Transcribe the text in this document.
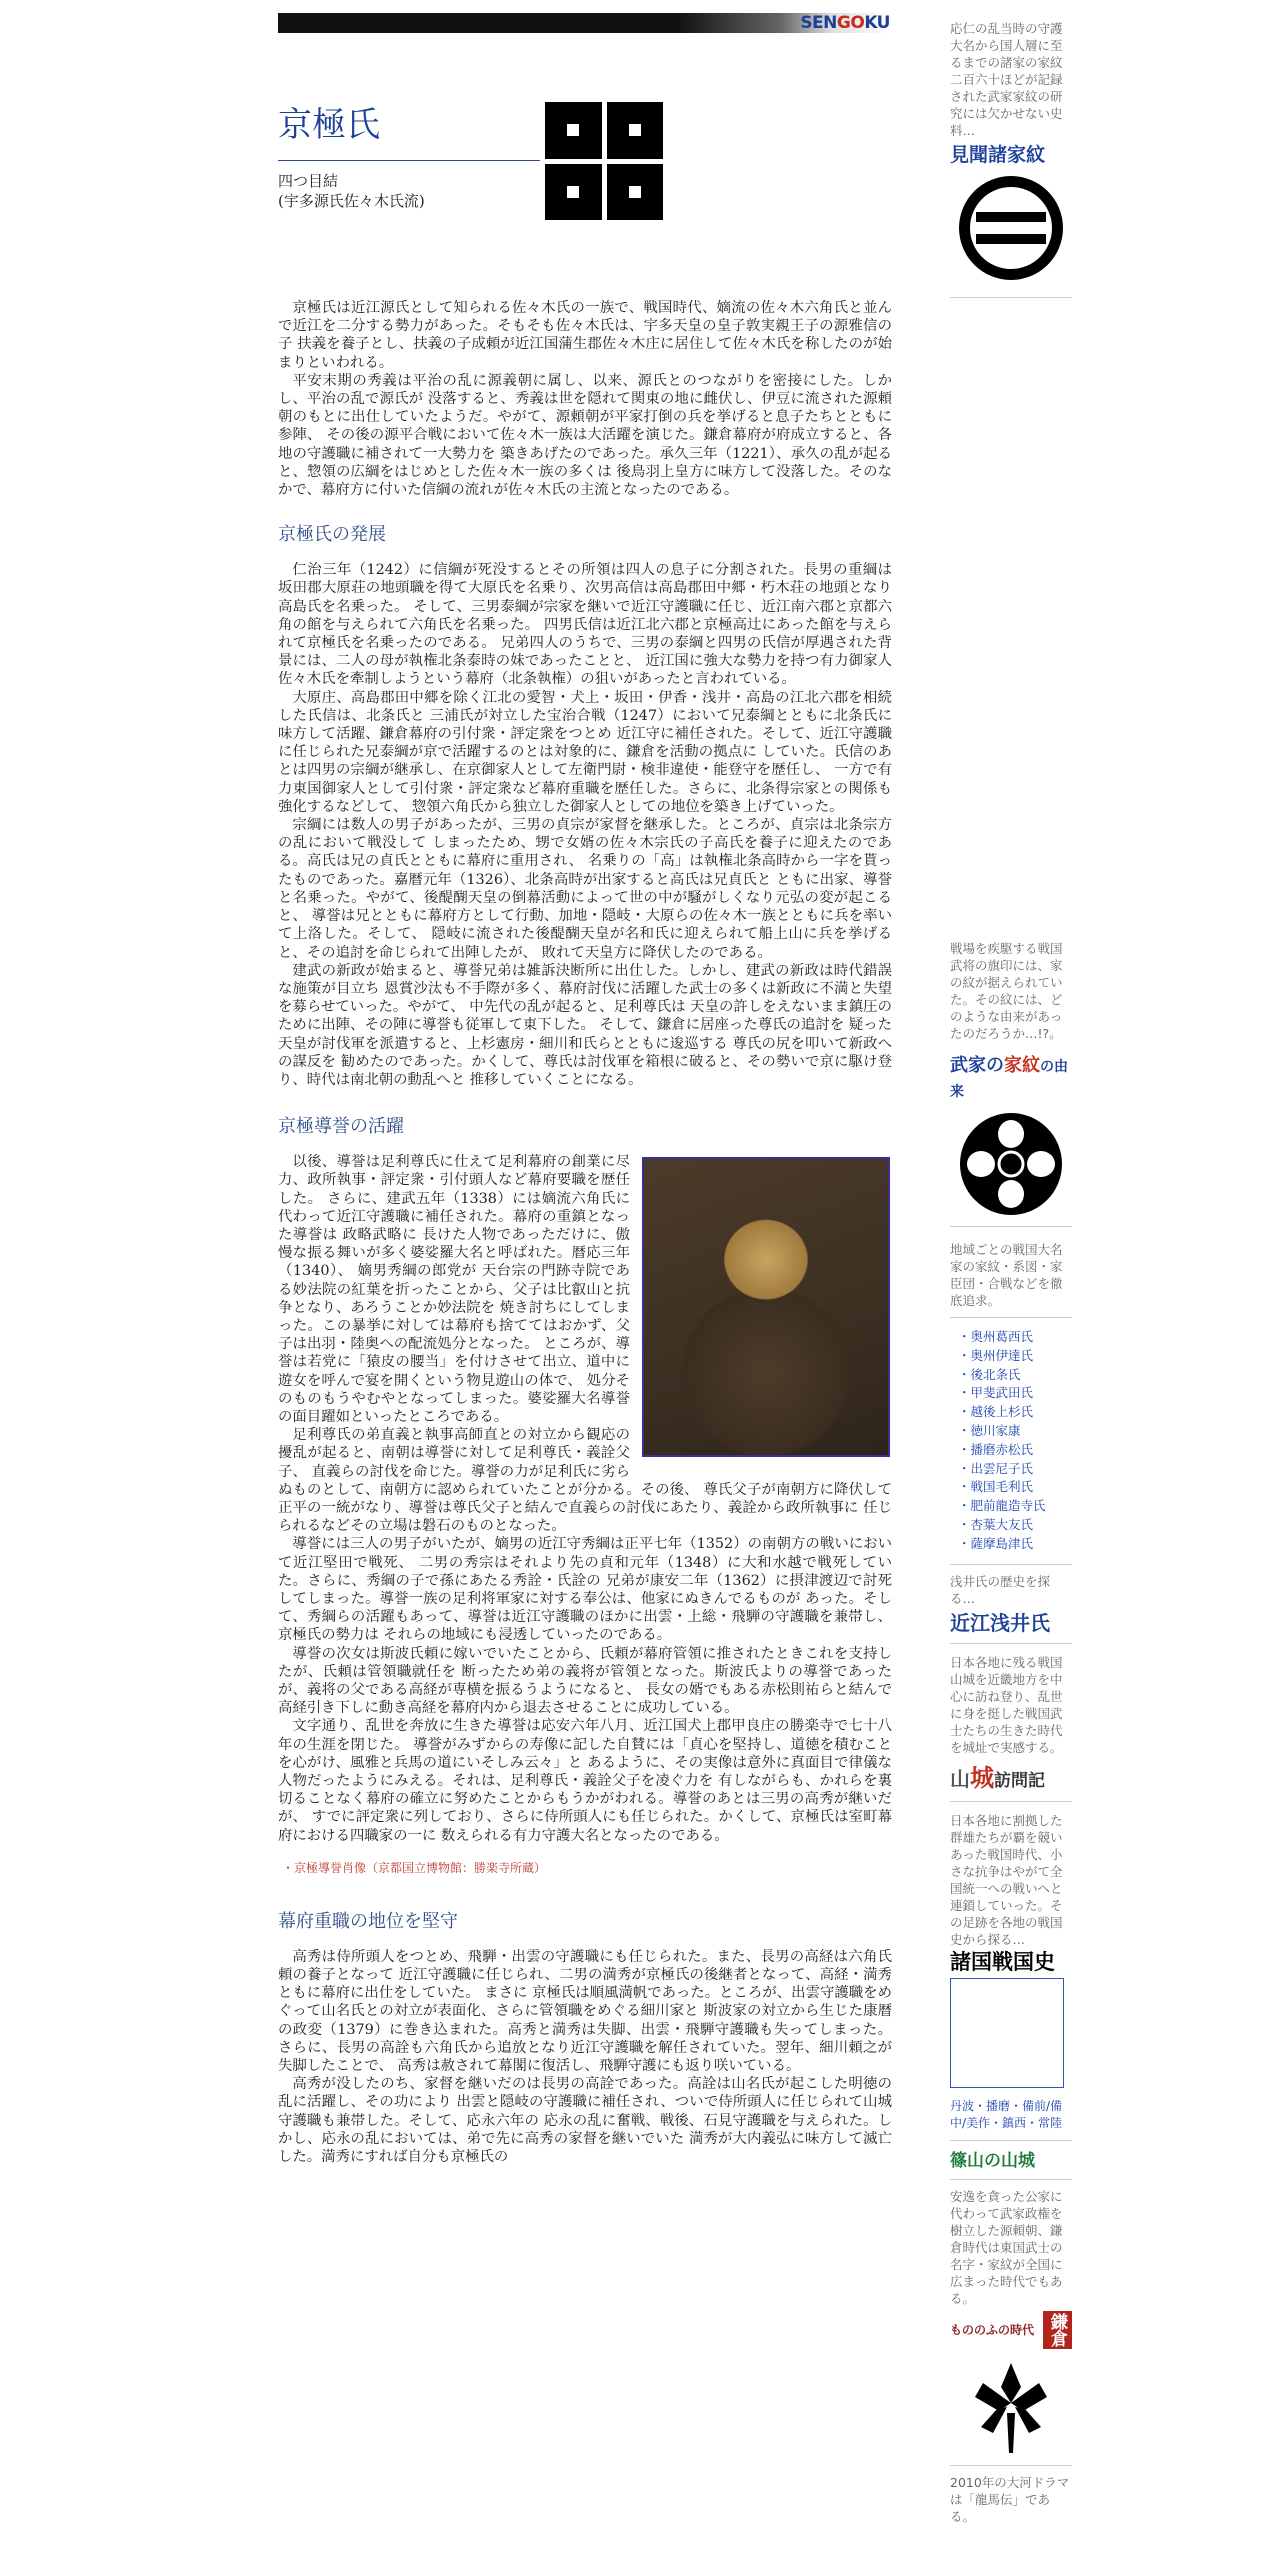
SENGOKU
京極氏
四つ目結
(宇多源氏佐々木氏流)

京極氏は近江源氏として知られる佐々木氏の一族で、戦国時代、嫡流の佐々木六角氏と並んで近江を二分する勢力があった。そもそも佐々木氏は、宇多天皇の皇子敦実親王子の源雅信の子 扶義を養子とし、扶義の子成頼が近江国蒲生郡佐々木庄に居住して佐々木氏を称したのが始まりといわれる。

平安末期の秀義は平治の乱に源義朝に属し、以来、源氏とのつながりを密接にした。しかし、平治の乱で源氏が 没落すると、秀義は世を隠れて関東の地に雌伏し、伊豆に流された源頼朝のもとに出仕していたようだ。やがて、源頼朝が平家打倒の兵を挙げると息子たちとともに参陣、 その後の源平合戦において佐々木一族は大活躍を演じた。鎌倉幕府が府成立すると、各地の守護職に補されて一大勢力を 築きあげたのであった。承久三年（1221）、承久の乱が起ると、惣領の広綱をはじめとした佐々木一族の多くは 後鳥羽上皇方に味方して没落した。そのなかで、幕府方に付いた信綱の流れが佐々木氏の主流となったのである。

京極氏の発展

仁治三年（1242）に信綱が死没するとその所領は四人の息子に分割された。長男の重綱は 坂田郡大原荘の地頭職を得て大原氏を名乗り、次男高信は高島郡田中郷・朽木荘の地頭となり高島氏を名乗った。 そして、三男泰綱が宗家を継いで近江守護職に任じ、近江南六郡と京都六角の館を与えられて六角氏を名乗った。 四男氏信は近江北六郡と京極高辻にあった館を与えられて京極氏を名乗ったのである。 兄弟四人のうちで、三男の泰綱と四男の氏信が厚遇された背景には、二人の母が執権北条泰時の妹であったことと、 近江国に強大な勢力を持つ有力御家人佐々木氏を牽制しようという幕府（北条執権）の狙いがあったと言われている。

大原庄、高島郡田中郷を除く江北の愛智・犬上・坂田・伊香・浅井・高島の江北六郡を相続した氏信は、北条氏と 三浦氏が対立した宝治合戦（1247）において兄泰綱とともに北条氏に味方して活躍、鎌倉幕府の引付衆・評定衆をつとめ 近江守に補任された。そして、近江守護職に任じられた兄泰綱が京で活躍するのとは対象的に、鎌倉を活動の拠点に していた。氏信のあとは四男の宗綱が継承し、在京御家人として左衛門尉・検非違使・能登守を歴任し、 一方で有力東国御家人として引付衆・評定衆など幕府重職を歴任した。さらに、北条得宗家との関係も強化するなどして、 惣領六角氏から独立した御家人としての地位を築き上げていった。

宗綱には数人の男子があったが、三男の貞宗が家督を継承した。ところが、貞宗は北条宗方の乱において戦没して しまったため、甥で女婿の佐々木宗氏の子高氏を養子に迎えたのである。高氏は兄の貞氏とともに幕府に重用され、 名乗りの「高」は執権北条高時から一字を貰ったものであった。嘉暦元年（1326）、北条高時が出家すると高氏は兄貞氏と ともに出家、導誉と名乗った。やがて、後醍醐天皇の倒幕活動によって世の中が騒がしくなり元弘の変が起こると、 導誉は兄とともに幕府方として行動、加地・隠岐・大原らの佐々木一族とともに兵を率いて上洛した。そして、 隠岐に流された後醍醐天皇が名和氏に迎えられて船上山に兵を挙げると、その追討を命じられて出陣したが、 敗れて天皇方に降伏したのである。

建武の新政が始まると、導誉兄弟は雑訴決断所に出仕した。しかし、建武の新政は時代錯誤な施策が目立ち 恩賞沙汰も不手際が多く、幕府討伐に活躍した武士の多くは新政に不満と失望を募らせていった。やがて、 中先代の乱が起ると、足利尊氏は 天皇の許しをえないまま鎮圧のために出陣、その陣に導誉も従軍して東下した。 そして、鎌倉に居座った尊氏の追討を 疑った天皇が討伐軍を派遣すると、上杉憲房・細川和氏らとともに逡巡する 尊氏の尻を叩いて新政への謀反を 勧めたのであった。かくして、尊氏は討伐軍を箱根に破ると、その勢いで京に駆け登り、時代は南北朝の動乱へと 推移していくことになる。

京極導誉の活躍

以後、導誉は足利尊氏に仕えて足利幕府の創業に尽力、政所執事・評定衆・引付頭人など幕府要職を歴任した。 さらに、建武五年（1338）には嫡流六角氏に代わって近江守護職に補任された。幕府の重鎮となった導誉は 政略武略に 長けた人物であっただけに、傲慢な振る舞いが多く婆娑羅大名と呼ばれた。暦応三年（1340）、 嫡男秀綱の郎党が 天台宗の門跡寺院である妙法院の紅葉を折ったことから、父子は比叡山と抗争となり、あろうことか妙法院を 焼き討ちにしてしまった。この暴挙に対しては幕府も捨ててはおかず、父子は出羽・陸奥への配流処分となった。 ところが、導誉は若党に「猿皮の腰当」を付けさせて出立、道中に遊女を呼んで宴を開くという物見遊山の体で、 処分そのものもうやむやとなってしまった。婆娑羅大名導誉の面目躍如といったところである。

足利尊氏の弟直義と執事高師直との対立から観応の擾乱が起ると、南朝は導誉に対して足利尊氏・義詮父子、 直義らの討伐を命じた。導誉の力が足利氏に劣らぬものとして、南朝方に認められていたことが分かる。その後、 尊氏父子が南朝方に降伏して正平の一統がなり、導誉は尊氏父子と結んで直義らの討伐にあたり、義詮から政所執事に 任じられるなどその立場は磐石のものとなった。

導誉には三人の男子がいたが、嫡男の近江守秀綱は正平七年（1352）の南朝方の戦いにおいて近江堅田で戦死、 二男の秀宗はそれより先の貞和元年（1348）に大和水越で戦死していた。さらに、秀綱の子で孫にあたる秀詮・氏詮の 兄弟が康安二年（1362）に摂津渡辺で討死してしまった。導誉一族の足利将軍家に対する奉公は、他家にぬきんでるものが あった。そして、秀綱らの活躍もあって、導誉は近江守護職のほかに出雲・上総・飛騨の守護職を兼帯し、京極氏の勢力は それらの地域にも浸透していったのである。

導誉の次女は斯波氏頼に嫁いでいたことから、氏頼が幕府管領に推されたときこれを支持したが、氏頼は管領職就任を 断ったため弟の義将が管領となった。斯波氏よりの導誉であったが、義将の父である高経が専横を振るうようになると、 長女の婿でもある赤松則祐らと結んで高経引き下しに動き高経を幕府内から退去させることに成功している。

文字通り、乱世を奔放に生きた導誉は応安六年八月、近江国犬上郡甲良庄の勝楽寺で七十八年の生涯を閉じた。 導誉がみずからの寿像に記した自賛には「貞心を堅持し、道徳を積むことを心がけ、風雅と兵馬の道にいそしみ云々」と あるように、その実像は意外に真面目で律儀な人物だったようにみえる。それは、足利尊氏・義詮父子を凌ぐ力を 有しながらも、かれらを裏切ることなく幕府の確立に努めたことからもうかがわれる。導誉のあとは三男の高秀が継いだが、 すでに評定衆に列しており、さらに侍所頭人にも任じられた。かくして、京極氏は室町幕府における四職家の一に 数えられる有力守護大名となったのである。

・京極導誉肖像（京都国立博物館：勝楽寺所蔵）
幕府重職の地位を堅守

高秀は侍所頭人をつとめ、飛騨・出雲の守護職にも任じられた。また、長男の高経は六角氏頼の養子となって 近江守護職に任じられ、二男の満秀が京極氏の後継者となって、高経・満秀ともに幕府に出仕をしていた。 まさに 京極氏は順風満帆であった。ところが、出雲守護職をめぐって山名氏との対立が表面化、さらに管領職をめぐる細川家と 斯波家の対立から生じた康暦の政変（1379）に巻き込まれた。高秀と満秀は失脚、出雲・飛騨守護職も失ってしまった。 さらに、長男の高詮も六角氏から追放となり近江守護職を解任されていた。翌年、細川頼之が失脚したことで、 高秀は赦されて幕閣に復活し、飛騨守護にも返り咲いている。

高秀が没したのち、家督を継いだのは長男の高詮であった。高詮は山名氏が起こした明徳の乱に活躍し、その功により 出雲と隠岐の守護職に補任され、ついで侍所頭人に任じられて山城守護職も兼帯した。そして、応永六年の 応永の乱に奮戦、戦後、石見守護職を与えられた。しかし、応永の乱においては、弟で先に高秀の家督を継いでいた 満秀が大内義弘に味方して滅亡した。満秀にすれば自分も京極氏の

応仁の乱当時の守護大名から国人層に至るまでの諸家の家紋 二百六十ほどが記録された武家家紋の研究には欠かせない史料…

見聞諸家紋

戦場を疾駆する戦国武将の旗印には、家の紋が据えられていた。その紋には、どのような由来があったのだろうか…!?。

武家の家紋の由来

地域ごとの戦国大名家の家紋・系図・家臣団・合戦などを徹底追求。

・ 奥州葛西氏
・ 奥州伊達氏
・ 後北条氏
・ 甲斐武田氏
・ 越後上杉氏
・ 徳川家康
・ 播磨赤松氏
・ 出雲尼子氏
・ 戦国毛利氏
・ 肥前龍造寺氏
・ 杏葉大友氏
・ 薩摩島津氏

浅井氏の歴史を探る…

近江浅井氏

日本各地に残る戦国山城を近畿地方を中心に訪ね登り、乱世に身を挺した戦国武士たちの生きた時代を城址で実感する。

山城訪問記

日本各地に割拠した群雄たちが覇を競いあった戦国時代、小さな抗争はやがて全国統一への戦いへと連鎖していった。その足跡を各地の戦国史から探る…

諸国戦国史

丹波・播磨・備前/備中/美作・鎮西・常陸

篠山の山城

安逸を貪った公家に代わって武家政権を樹立した源頼朝、鎌倉時代は東国武士の名字・家紋が全国に広まった時代でもある。

もののふの時代 鎌倉

2010年の大河ドラマは「龍馬伝」である。
